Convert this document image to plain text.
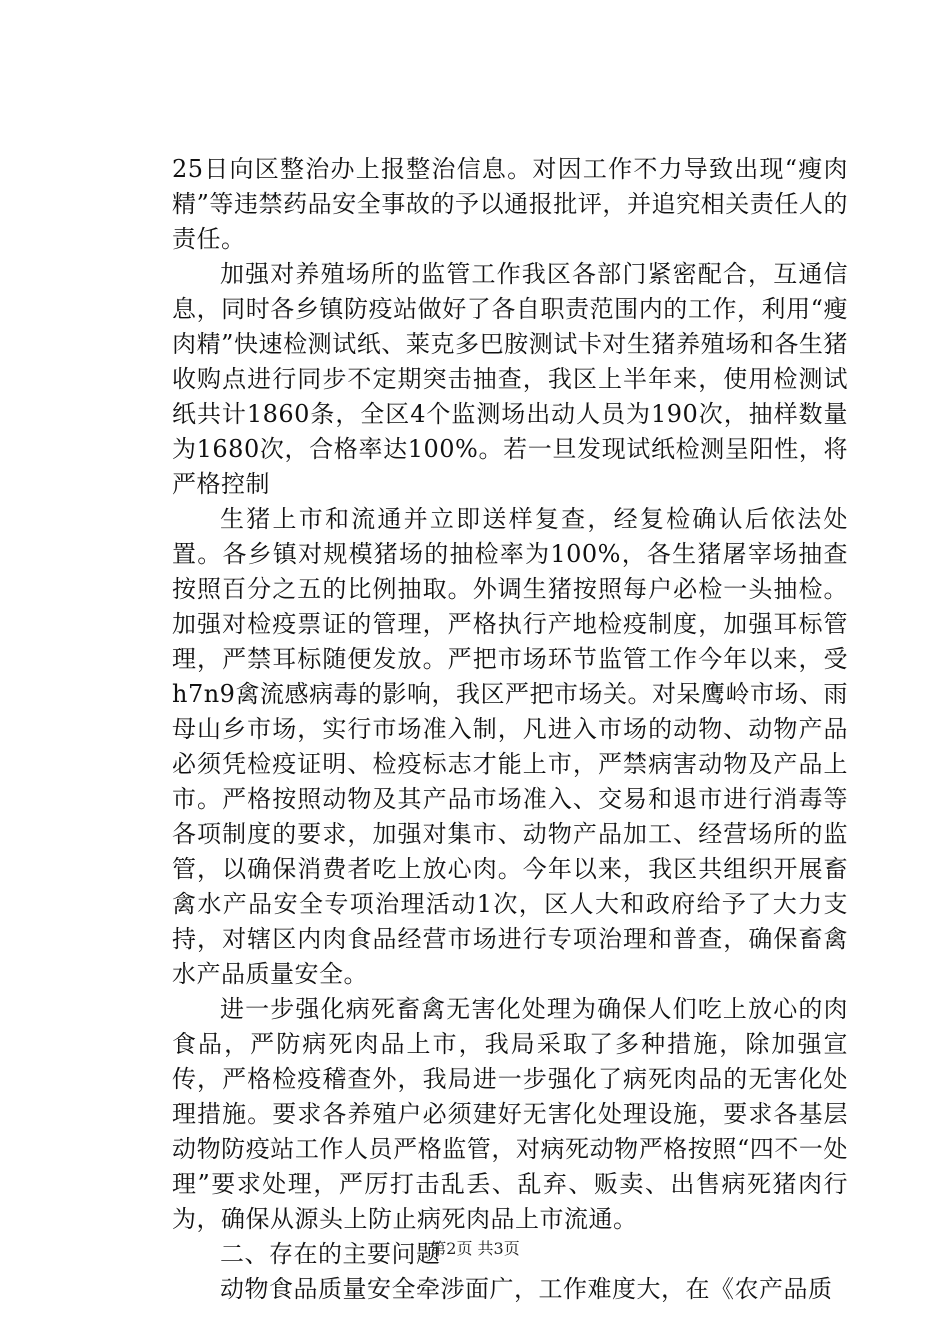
25日向区整治办上报整治信息。对因工作不力导致出现“瘦肉精”等违禁药品安全事故的予以通报批评，并追究相关责任人的责任。

加强对养殖场所的监管工作我区各部门紧密配合，互通信息，同时各乡镇防疫站做好了各自职责范围内的工作，利用“瘦肉精”快速检测试纸、莱克多巴胺测试卡对生猪养殖场和各生猪收购点进行同步不定期突击抽查，我区上半年来，使用检测试纸共计1860条，全区4个监测场出动人员为190次，抽样数量为1680次，合格率达100%。若一旦发现试纸检测呈阳性，将严格控制

生猪上市和流通并立即送样复查，经复检确认后依法处置。各乡镇对规模猪场的抽检率为100%，各生猪屠宰场抽查按照百分之五的比例抽取。外调生猪按照每户必检一头抽检。加强对检疫票证的管理，严格执行产地检疫制度，加强耳标管理，严禁耳标随便发放。严把市场环节监管工作今年以来，受h7n9禽流感病毒的影响，我区严把市场关。对呆鹰岭市场、雨母山乡市场，实行市场准入制，凡进入市场的动物、动物产品必须凭检疫证明、检疫标志才能上市，严禁病害动物及产品上市。严格按照动物及其产品市场准入、交易和退市进行消毒等各项制度的要求，加强对集市、动物产品加工、经营场所的监管，以确保消费者吃上放心肉。今年以来，我区共组织开展畜禽水产品安全专项治理活动1次，区人大和政府给予了大力支持，对辖区内肉食品经营市场进行专项治理和普查，确保畜禽水产品质量安全。

进一步强化病死畜禽无害化处理为确保人们吃上放心的肉食品，严防病死肉品上市，我局采取了多种措施，除加强宣传，严格检疫稽查外，我局进一步强化了病死肉品的无害化处理措施。要求各养殖户必须建好无害化处理设施，要求各基层动物防疫站工作人员严格监管，对病死动物严格按照“四不一处理”要求处理，严厉打击乱丢、乱弃、贩卖、出售病死猪肉行为，确保从源头上防止病死肉品上市流通。

二、存在的主要问题

动物食品质量安全牵涉面广，工作难度大，在《农产品质

第2页 共3页
